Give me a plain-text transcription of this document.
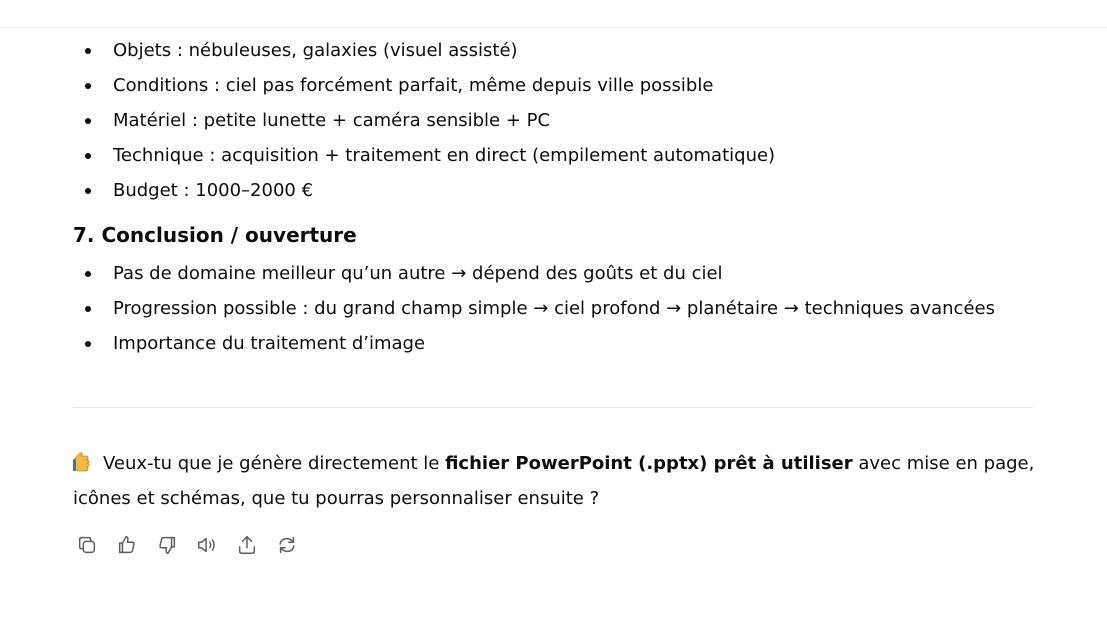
Objets : nébuleuses, galaxies (visuel assisté)
Conditions : ciel pas forcément parfait, même depuis ville possible
Matériel : petite lunette + caméra sensible + PC
Technique : acquisition + traitement en direct (empilement automatique)
Budget : 1000–2000 €
7. Conclusion / ouverture
Pas de domaine meilleur qu’un autre → dépend des goûts et du ciel
Progression possible : du grand champ simple → ciel profond → planétaire → techniques avancées
Importance du traitement d’image
Veux-tu que je génère directement le fichier PowerPoint (.pptx) prêt à utiliser avec mise en page, icônes et schémas, que tu pourras personnaliser ensuite ?
